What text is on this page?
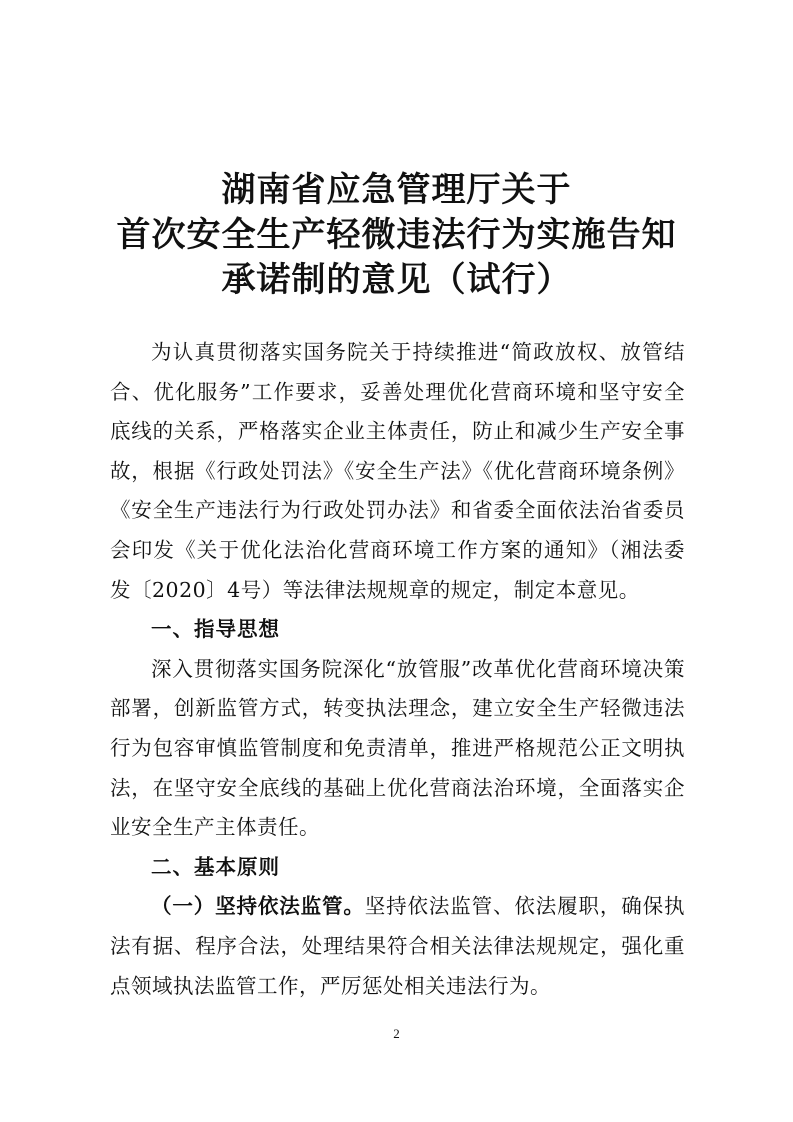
湖南省应急管理厅关于
首次安全生产轻微违法行为实施告知
承诺制的意见（试行）

为认真贯彻落实国务院关于持续推进“简政放权、放管结合、优化服务”工作要求，妥善处理优化营商环境和坚守安全底线的关系，严格落实企业主体责任，防止和减少生产安全事故，根据《行政处罚法》《安全生产法》《优化营商环境条例》《安全生产违法行为行政处罚办法》和省委全面依法治省委员会印发《关于优化法治化营商环境工作方案的通知》（湘法委发〔2020〕4号）等法律法规规章的规定，制定本意见。

一、指导思想

深入贯彻落实国务院深化“放管服”改革优化营商环境决策部署，创新监管方式，转变执法理念，建立安全生产轻微违法行为包容审慎监管制度和免责清单，推进严格规范公正文明执法，在坚守安全底线的基础上优化营商法治环境，全面落实企业安全生产主体责任。

二、基本原则

（一）坚持依法监管。坚持依法监管、依法履职，确保执法有据、程序合法，处理结果符合相关法律法规规定，强化重点领域执法监管工作，严厉惩处相关违法行为。

2
